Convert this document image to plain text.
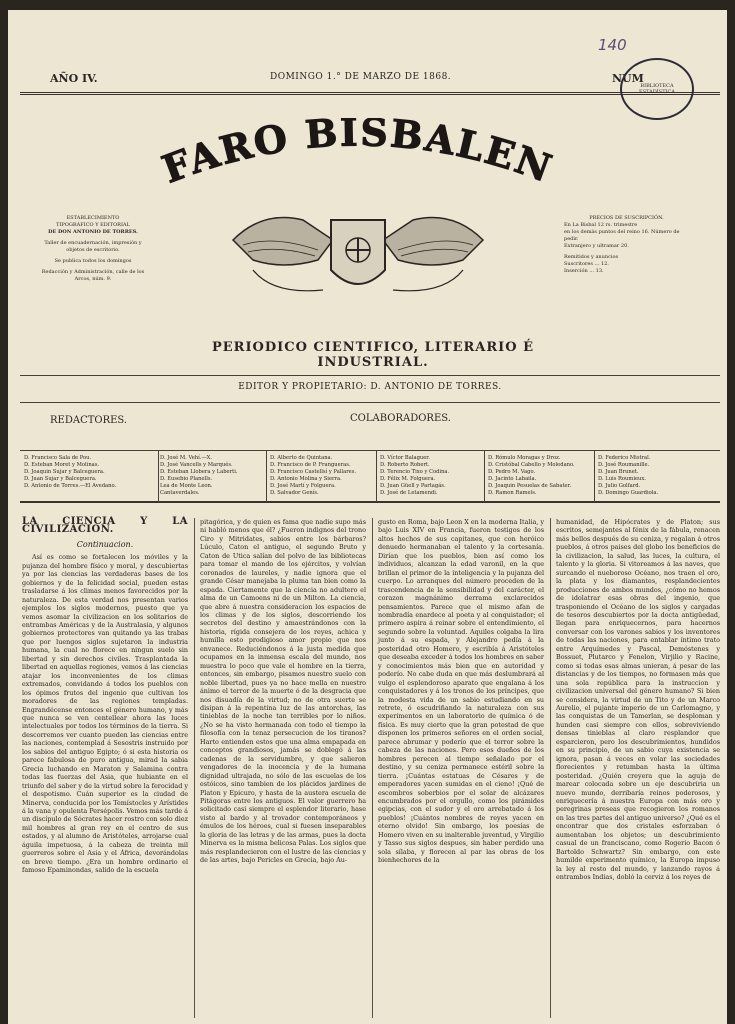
AÑO IV.	DOMINGO 1.° DE MARZO DE 1868.	NÚM
140
BIBLIOTECA ESTADÍSTICA
FARO BISBALEN
ESTABLECIMIENTO
TIPOGRÁFICO Y EDITORIAL
DE DON ANTONIO DE TORRES.
Taller de encuadernación, impresión y objetos de escritorio.
Se publica todos los domingos
Redacción y Administración, calle de los Arcos, núm. 9.
PRECIOS DE SUSCRIPCIÓN.
En La Bisbal 12 rs. trimestre
en los demás puntos del reino 16. Número de pedir.
Extranjero y ultramar 20.
Remitidos y anuncios
Suscritores ... 12.
Inserción ... 13.
PERIODICO CIENTIFICO, LITERARIO É INDUSTRIAL.
EDITOR Y PROPIETARIO: D. ANTONIO DE TORRES.
REDACTORES.	COLABORADORES.
D. Francisco Sala de Pou.
D. Esteban Moret y Molinas.
D. Joaquin Sujar y Balceguera.
D. Juan Sujar y Balceguera.
D. Antonio de Torres.—El Avedano.
D. José M. Vehí.—X.
D. José Vancells y Marqués.
D. Esteban Llobera y Laberti.
D. Eusebio Planells.
Lea de Monte Leon.
Cantaverdales.
D. Alberto de Quintana.
D. Francisco de P. Frangueras.
D. Francisco Castellsí y Pallares.
D. Antonio Molina y Sierra.
D. José Martí y Folguera.
D. Salvador Genís.
D. Víctor Balaguer.
D. Roberto Robert.
D. Terencio Tixo y Codina.
D. Félix M. Folguera.
D. Juan Güell y Partagás.
D. José de Letamendi.
D. Rómulo Moragas y Droz.
D. Cristóbal Cabello y Moledano.
D. Pedro M. Vago.
D. Jacinto Labaila.
D. Joaquin Pesuelas de Sabater.
D. Ramon Ramels.
D. Federico Mistral.
D. José Roumanille.
D. Juan Brunet.
D. Luis Roumieux.
D. Julio Golfard.
D. Domingo Guardiola.

LA CIENCIA Y LA CIVILIZACION.

Continuacion.

Así es como se fortalecen los móviles y la pujanza del hombre físico y moral, y descubiertas ya por las ciencias las verdaderas bases de los gobiernos y de la felicidad social, pueden estas trasladarse á los climas menos favorecidos por la naturaleza. De esta verdad nos presentan varios ejemplos los siglos modernos, puesto que ya vemos asomar la civilizacion en los solitarios de entrambas Américas y de la Australasia, y algunos gobiernos protectores van quitando ya las trabas que por luengos siglos sujetaron la industria humana, la cual no florece en ningun suelo sin libertad y sin derechos civiles. Trasplantada la libertad en aquellas regiones, vemos á las ciencias atajar los inconvenientes de los climas extremados, convidando á todos los pueblos con los ópimos frutos del ingenio que cultivan los moradores de las regiones templadas. Engrandécense entonces el género humano, y más que nunca se ven centellear ahora las luces intelectuales por todos los términos de la tierra. Si descorremos ver cuanto pueden las ciencias entre las naciones, contemplad á Sesostris instruido por los sabios del antiguo Egipto; ó si esta historia os parece fabulosa de puro antigua, mirad la sabia Grecia luchando en Maraton y Salamina contra todas las fuerzas del Asia, que hubiante en el triunfo del saber y de la virtud sobre la ferocidad y el despotismo. Cuán superior es la ciudad de Minerva, conducida por los Temístocles y Arístides á la vana y opulenta Persépolis. Vemos más tarde á un discípulo de Sócrates hacer rostro con solo diez mil hombres al gran rey en el centro de sus estados, y al alumno de Aristóteles, arrojarse cual águila impetuosa, á la cabeza de treinta mil guerreros sobre el Asia y el África, devorándolas en breve tiempo. ¿Era un hombre ordinario el famoso Epaminondas, salido de la escuela

pitagórica, y de quien es fama que nadie supo más ni habló menos que él? ¿Fueron indignos del trono Ciro y Mitridates, sabios entre los bárbaros? Lúculo, Caton el antiguo, el segundo Bruto y Caton de Utica salían del polvo de las bibliotecas para tomar el mando de los ejércitos, y volvían coronados de laureles, y nadie ignora que el grande César manejaba la pluma tan bien como la espada. Ciertamente que la ciencia no adultero el alma de un Camoens ni de un Milton. La ciencia, que abre á nuestra consideracion los espacios de los climas y de los siglos, descorriendo los secretos del destino y amaestrándonos con la historia, rígida consejera de los reyes, achica y humilla esto prodigioso amor propio que nos envanece. Reduciéndonos á la justa medida que ocupamos en la inmensa escala del mundo, nos muestra lo poco que vale el hombre en la tierra, entonces, sin embargo, pisamos nuestro suelo con noble libertad, pues ya no hace mella en nuestro ánimo el terror de la muerte ó de la desgracia que nos disuadía de la virtud; no de otra suerte se disipan á la repentina luz de las antorchas, las tinieblas de la noche tan terribles por lo niños. ¿No se ha visto hermanada con todo el tiempo la filosofía con la tenaz persecucion de los tiranos? Harto entienden estos que una alma empapada en conceptos grandiosos, jamás se doblegó á las cadenas de la servidumbre, y que salieron vengadores de la inocencia y de la humana dignidad ultrajada, no sólo de las escuelas de los estóicos, sino tambien de los plácidos jardines de Platon y Epicuro, y hasta de la austera escuela de Pitágoras entre los antiguos. El valor guerrero ha solicitado casi siempre el esplendor literario, hase visto al bardo y al trovador contemporáneos y émulos de los héroes, cual si fuesen inseparables la gloria de las letras y de las armas, pues la docta Minerva es la misma belicosa Palas. Los siglos que más resplandecieron con el lustre de las ciencias y de las artes, bajo Pericles en Grecia, bajo Au-

gusto en Roma, bajo Leon X en la moderna Italia, y bajo Luis XIV en Francia, fueron testigos de los altos hechos de sus capitanes, que con heróico denuedo hermanaban el talento y la cortesanía. Dirían que los pueblos, bien así como los individuos, alcanzan la edad varonil, en la que brillan el primor de la inteligencia y la pujanza del cuerpo. Lo arranques del número proceden de la trascendencia de la sensibilidad y del carácter, el corazon magnánimo derrama exclarecidos pensamientos. Parece que el mismo afan de nombradía enardece al poeta y al conquistador; el primero aspira á reinar sobre el entendimiento, el segundo sobre la voluntad. Aquiles colgaba la lira junto á su espada, y Alejandro pedía á la posteridad otro Homero, y escribía á Aristóteles que deseaba exceder á todos los hombres en saber y conocimientos más bien que en autoridad y poderío. No cabe duda en que más deslumbrará al vulgo el esplendoroso aparato que engalana á los conquistadores y á los tronos de los príncipes, que la modesta vida de un sabio estudiando en su retrete, ó escudriñando la naturaleza con sus experimentos en un laboratorio de química ó de física. Es muy cierto que la gran potestad de que disponen los primeros señores en el orden social, parece abrumar y poderío que el terror sobre la cabeza de las naciones. Pero esos dueños de los hombres perecen al tiempo señalado por el destino, y su ceniza permanece estéril sobre la tierra. ¡Cuántas estatuas de Césares y de emperadores yacen sumidas en el cieno! ¡Qué de escombros soberbios por el solar de alcázares encumbrados por el orgullo, como los pirámides egipcias, con el sudor y el oro arrebatado á los pueblos! ¡Cuántos nombres de reyes yacen en eterno olvido! Sin embargo, los poesías de Homero viven en su inalterable juventud, y Virgilio y Tasso sus siglos despues, sin haber perdido una sola sílaba, y florecen al par las obras de los bienhechores de la

humanidad, de Hipócrates y de Platon; sus escritos, semejantes al fénix de la fábula, renacen más bellos después de su ceniza, y regalan á otros pueblos, á otros paises del globo los beneficios de la civilizacion, la salud, las luces, la cultura, el talento y la gloria. Si vitoreamos á las naves, que surcando el nueboroso Océano, nos traen el oro, la plata y los diamantes, resplandecientes producciones de ambos mundos, ¿cómo no hemos de idolatrar esas obras del ingenio, que trasponiendo el Océano de los siglos y cargadas de tesoros descubiertos por la docta antigüedad, llegan para enriquecernos, para hacernos conversar con los varones sabios y los inventores de todas las naciones, para entablar íntimo trato entre Arquímedes y Pascal, Demóstenes y Bossuet, Plutarco y Fenelon, Virjilio y Racine, como si todas esas almas unieran, á pesar de las distancias y de los tiempos, no formasen más que una sola república para la instruccion y civilizacion universal del género humano? Si bien se considera, la virtud de un Tito y de un Marco Aurelio, el pujante imperio de un Carlomagno, y las conquistas de un Tamerlan, se desploman y hunden casi siempre con ellos, sobreviviendo densas tinieblas al claro resplandor que esparcieron, pero los descubrimientos, hundidos en su principio, de un sabio cuya existencia se ignora, pasan á veces en volar las sociedades florecientes y retumban hasta la última posteridad. ¿Quién creyera que la aguja de marear colocada sobre un eje descubriria un nuevo mundo, derribaría reinos poderosos, y enriquecería á nuestra Europa con más oro y peregrinas preseas que recogieron los romanos en las tres partes del antiguo universo? ¿Qué es el encontrar que dos cristales esforzaban ó aumentaban los objetos; un descubrimiento casual de un franciscano, como Rogerio Bacon ó Bartoldo Schwartz? Sin embargo, con este humilde experimento químico, la Europa impuso la ley al resto del mundo, y lanzando rayos á entrambos Indias, dobló la cerviz á los reyes de
